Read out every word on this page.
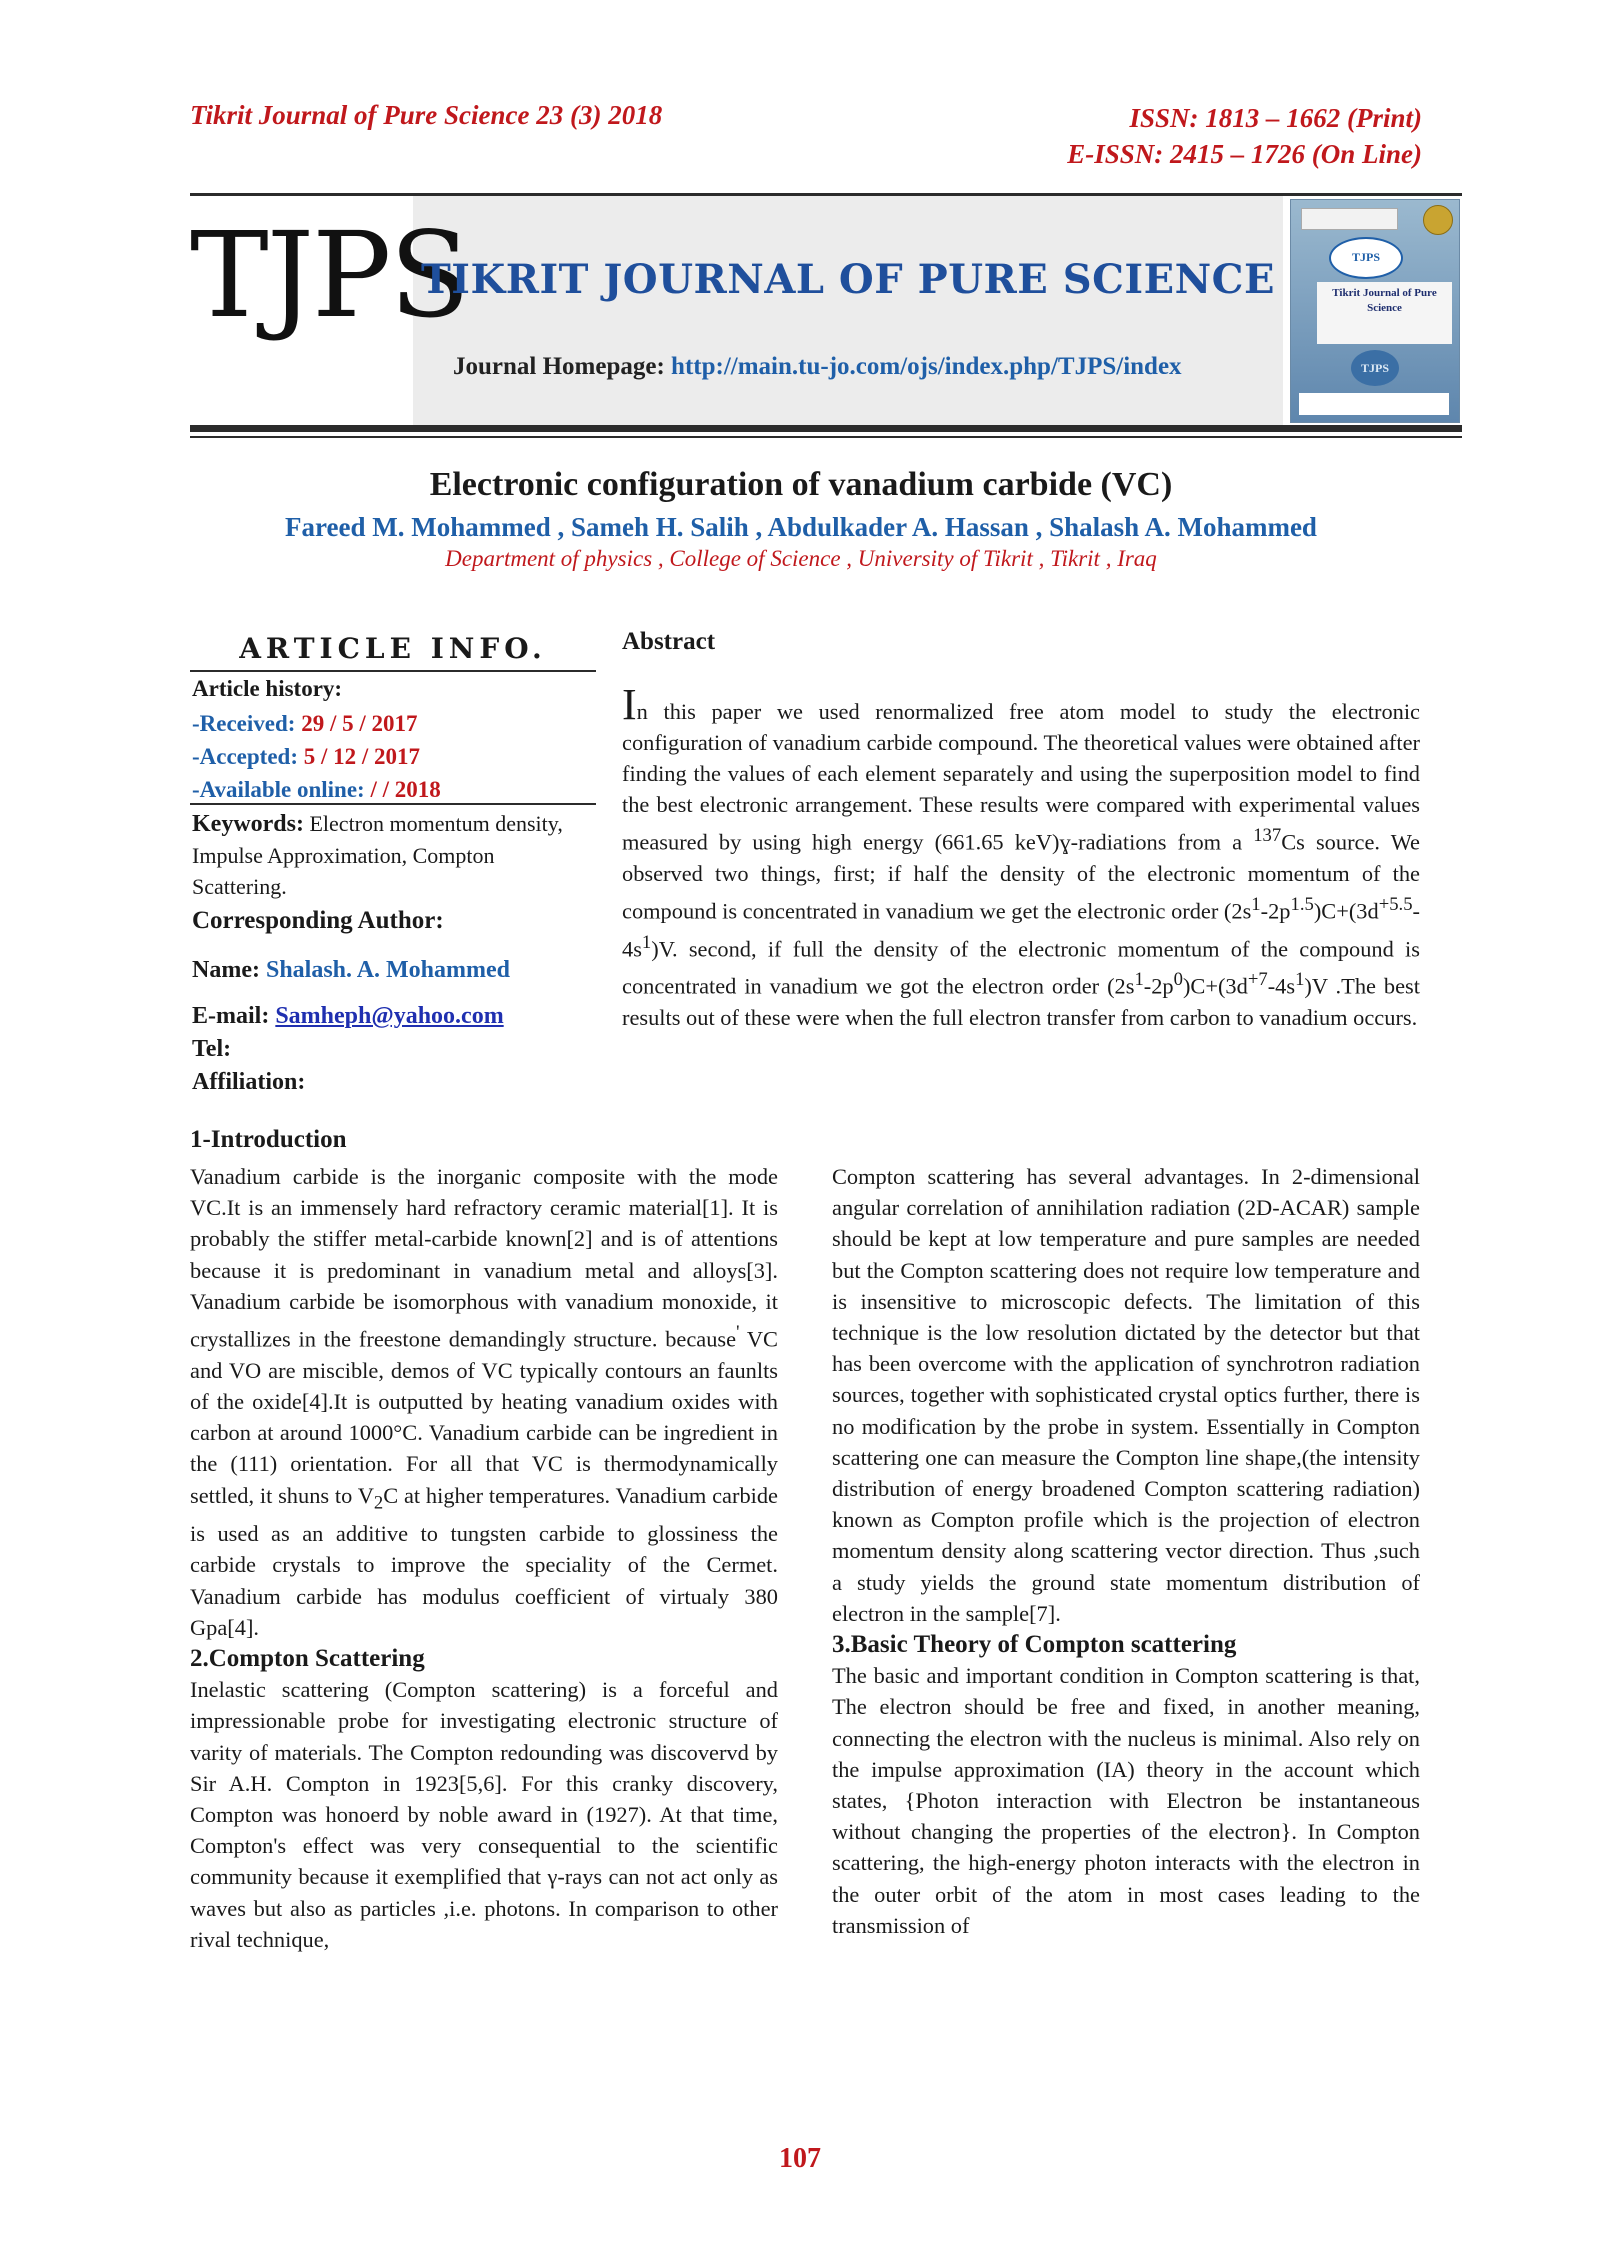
Tikrit Journal of Pure Science 23 (3) 2018	ISSN: 1813 – 1662 (Print)
E-ISSN: 2415 – 1726 (On Line)
TJPS
TIKRIT JOURNAL OF PURE SCIENCE
Journal Homepage: http://main.tu-jo.com/ojs/index.php/TJPS/index
TJPS
Tikrit Journal of Pure Science
TJPS
Electronic configuration of vanadium carbide (VC)
Fareed M. Mohammed , Sameh H. Salih , Abdulkader A. Hassan , Shalash A. Mohammed
Department of physics , College of Science , University of Tikrit , Tikrit , Iraq
ARTICLE INFO.
Article history:
-Received: 29 / 5 / 2017
-Accepted: 5 / 12 / 2017
-Available online: / / 2018
Keywords: Electron momentum density, Impulse Approximation, Compton Scattering.
Corresponding Author:
Name: Shalash. A. Mohammed
E-mail: Samheph@yahoo.com
Tel:
Affiliation:
Abstract
In this paper we used renormalized free atom model to study the electronic configuration of vanadium carbide compound. The theoretical values were obtained after finding the values of each element separately and using the superposition model to find the best electronic arrangement. These results were compared with experimental values measured by using high energy (661.65 keV)ɣ-radiations from a $^{137}$Cs source. We observed two things, first; if half the density of the electronic momentum of the compound is concentrated in vanadium we get the electronic order $(2s^1-2p^{1.5})C+(3d^{+5.5}-4s^1)V$. second, if full the density of the electronic momentum of the compound is concentrated in vanadium we got the electron order $(2s^1-2p^0)C+(3d^{+7}-4s^1)V$ .The best results out of these were when the full electron transfer from carbon to vanadium occurs.
1-Introduction

Vanadium carbide is the inorganic composite with the mode VC.It is an immensely hard refractory ceramic material[1]. It is probably the stiffer metal-carbide known[2] and is of attentions because it is predominant in vanadium metal and alloys[3]. Vanadium carbide be isomorphous with vanadium monoxide, it crystallizes in the freestone demandingly structure. because' VC and VO are miscible, demos of VC typically contours an faunlts of the oxide[4].It is outputted by heating vanadium oxides with carbon at around 1000°C. Vanadium carbide can be ingredient in the (111) orientation. For all that VC is thermodynamically settled, it shuns to $V_2C$ at higher temperatures. Vanadium carbide is used as an additive to tungsten carbide to glossiness the carbide crystals to improve the speciality of the Cermet. Vanadium carbide has modulus coefficient of virtualy 380 Gpa[4].

2.Compton Scattering

Inelastic scattering (Compton scattering) is a forceful and impressionable probe for investigating electronic structure of varity of materials. The Compton redounding was discovervd by Sir A.H. Compton in 1923[5,6]. For this cranky discovery, Compton was honoerd by noble award in (1927). At that time, Compton's effect was very consequential to the scientific community because it exemplified that γ-rays can not act only as waves but also as particles ,i.e. photons. In comparison to other rival technique,

Compton scattering has several advantages. In 2-dimensional angular correlation of annihilation radiation (2D-ACAR) sample should be kept at low temperature and pure samples are needed but the Compton scattering does not require low temperature and is insensitive to microscopic defects. The limitation of this technique is the low resolution dictated by the detector but that has been overcome with the application of synchrotron radiation sources, together with sophisticated crystal optics further, there is no modification by the probe in system. Essentially in Compton scattering one can measure the Compton line shape,(the intensity distribution of energy broadened Compton scattering radiation) known as Compton profile which is the projection of electron momentum density along scattering vector direction. Thus ,such a study yields the ground state momentum distribution of electron in the sample[7].

3.Basic Theory of Compton scattering

The basic and important condition in Compton scattering is that, The electron should be free and fixed, in another meaning, connecting the electron with the nucleus is minimal. Also rely on the impulse approximation (IA) theory in the account which states, {Photon interaction with Electron be instantaneous without changing the properties of the electron}. In Compton scattering, the high-energy photon interacts with the electron in the outer orbit of the atom in most cases leading to the transmission of

107
